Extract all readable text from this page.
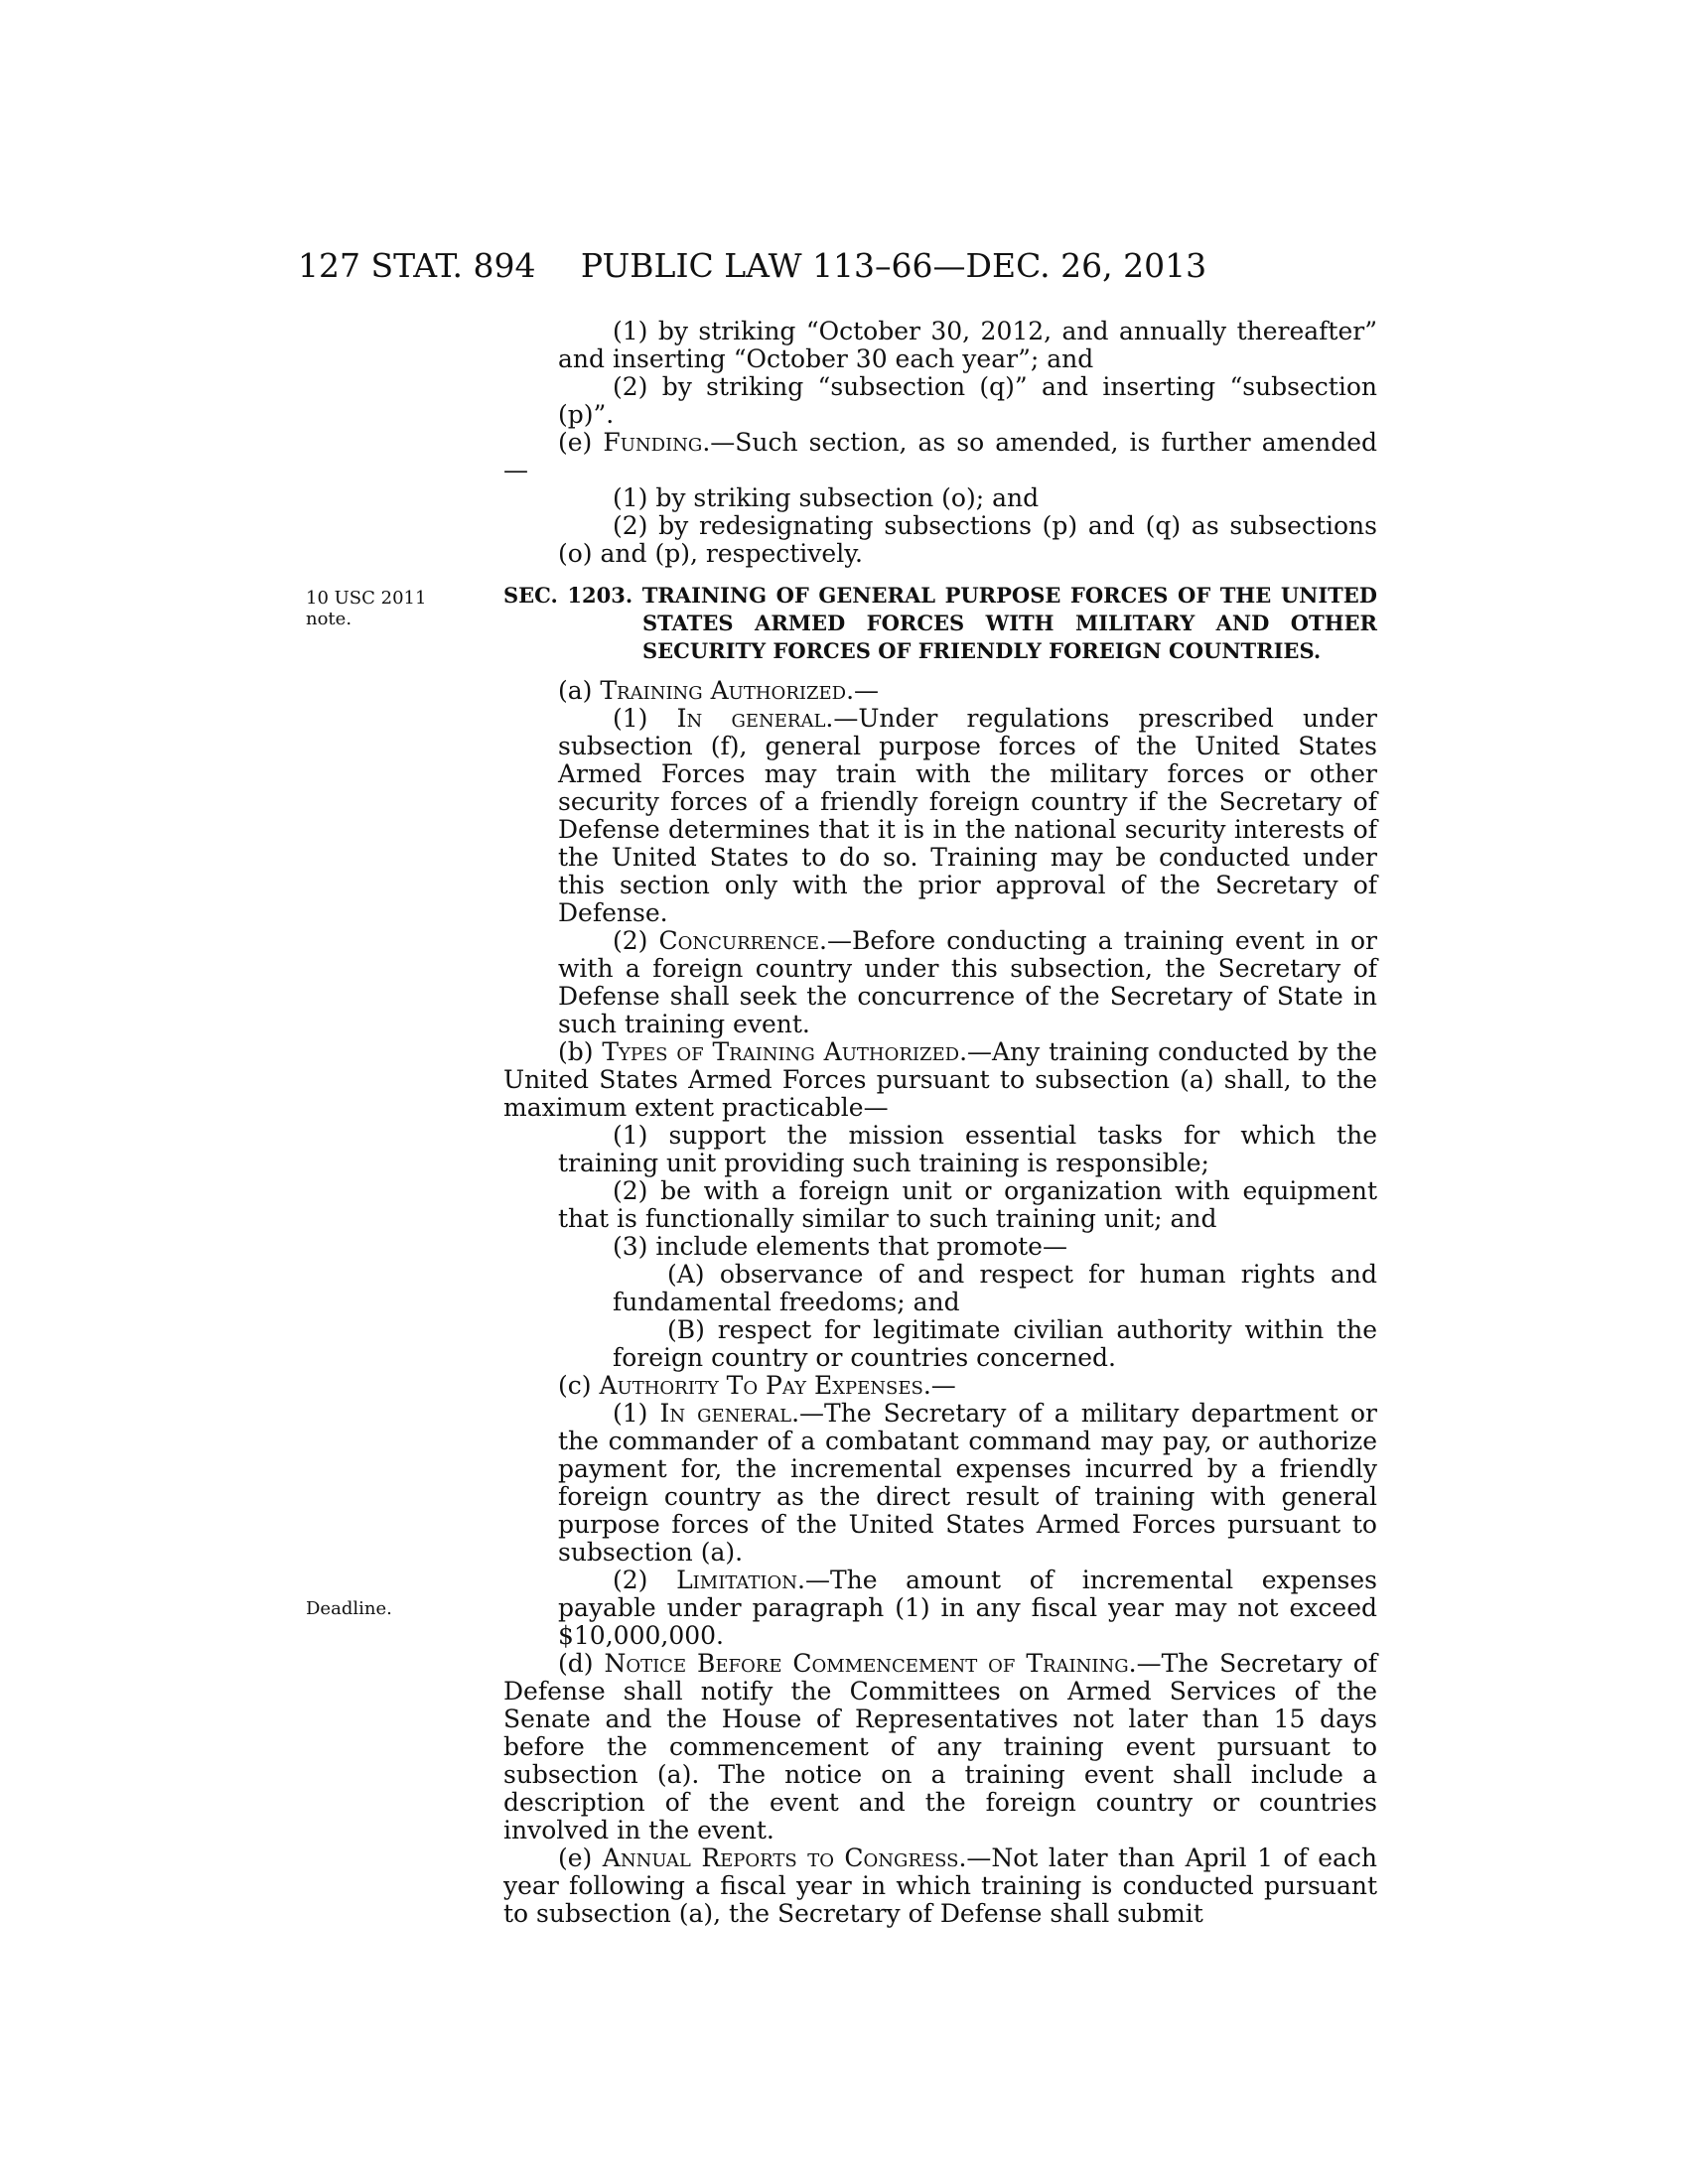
127 STAT. 894	PUBLIC LAW 113–66—DEC. 26, 2013
10 USC 2011 note.
Deadline.

(1) by striking “October 30, 2012, and annually thereafter” and inserting “October 30 each year”; and

(2) by striking “subsection (q)” and inserting “subsection (p)”.

(e) Funding.—Such section, as so amended, is further amended—

(1) by striking subsection (o); and

(2) by redesignating subsections (p) and (q) as subsections (o) and (p), respectively.

SEC. 1203. TRAINING OF GENERAL PURPOSE FORCES OF THE UNITED STATES ARMED FORCES WITH MILITARY AND OTHER SECURITY FORCES OF FRIENDLY FOREIGN COUNTRIES.

(a) Training Authorized.—

(1) In general.—Under regulations prescribed under subsection (f), general purpose forces of the United States Armed Forces may train with the military forces or other security forces of a friendly foreign country if the Secretary of Defense determines that it is in the national security interests of the United States to do so. Training may be conducted under this section only with the prior approval of the Secretary of Defense.

(2) Concurrence.—Before conducting a training event in or with a foreign country under this subsection, the Secretary of Defense shall seek the concurrence of the Secretary of State in such training event.

(b) Types of Training Authorized.—Any training conducted by the United States Armed Forces pursuant to subsection (a) shall, to the maximum extent practicable—

(1) support the mission essential tasks for which the training unit providing such training is responsible;

(2) be with a foreign unit or organization with equipment that is functionally similar to such training unit; and

(3) include elements that promote—

(A) observance of and respect for human rights and fundamental freedoms; and

(B) respect for legitimate civilian authority within the foreign country or countries concerned.

(c) Authority To Pay Expenses.—

(1) In general.—The Secretary of a military department or the commander of a combatant command may pay, or authorize payment for, the incremental expenses incurred by a friendly foreign country as the direct result of training with general purpose forces of the United States Armed Forces pursuant to subsection (a).

(2) Limitation.—The amount of incremental expenses payable under paragraph (1) in any fiscal year may not exceed $10,000,000.

(d) Notice Before Commencement of Training.—The Secretary of Defense shall notify the Committees on Armed Services of the Senate and the House of Representatives not later than 15 days before the commencement of any training event pursuant to subsection (a). The notice on a training event shall include a description of the event and the foreign country or countries involved in the event.

(e) Annual Reports to Congress.—Not later than April 1 of each year following a fiscal year in which training is conducted pursuant to subsection (a), the Secretary of Defense shall submit
